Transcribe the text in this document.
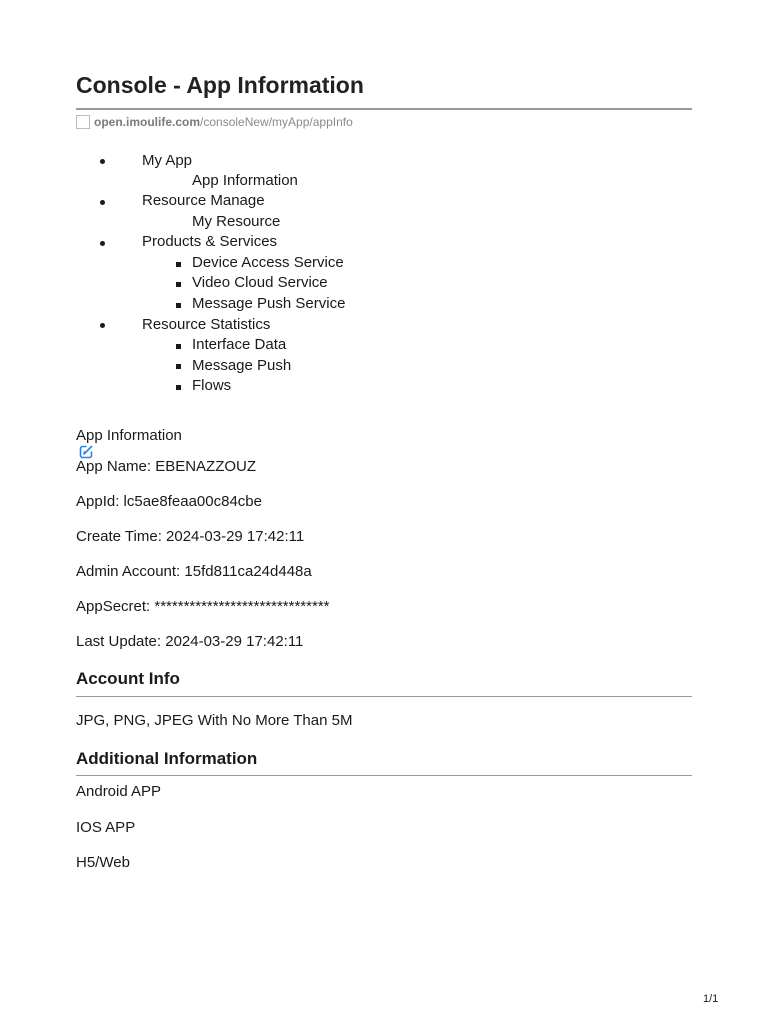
Console - App Information
open.imoulife.com /consoleNew/myApp/appInfo
My App
App Information
Resource Manage
My Resource
Products & Services
Device Access Service
Video Cloud Service
Message Push Service
Resource Statistics
Interface Data
Message Push
Flows
App Information
App Name: EBENAZZOUZ
AppId: lc5ae8feaa00c84cbe
Create Time: 2024-03-29 17:42:11
Admin Account: 15fd811ca24d448a
AppSecret: ******************************
Last Update: 2024-03-29 17:42:11
Account Info
JPG, PNG, JPEG With No More Than 5M
Additional Information
Android APP
IOS APP
H5/Web
1/1
